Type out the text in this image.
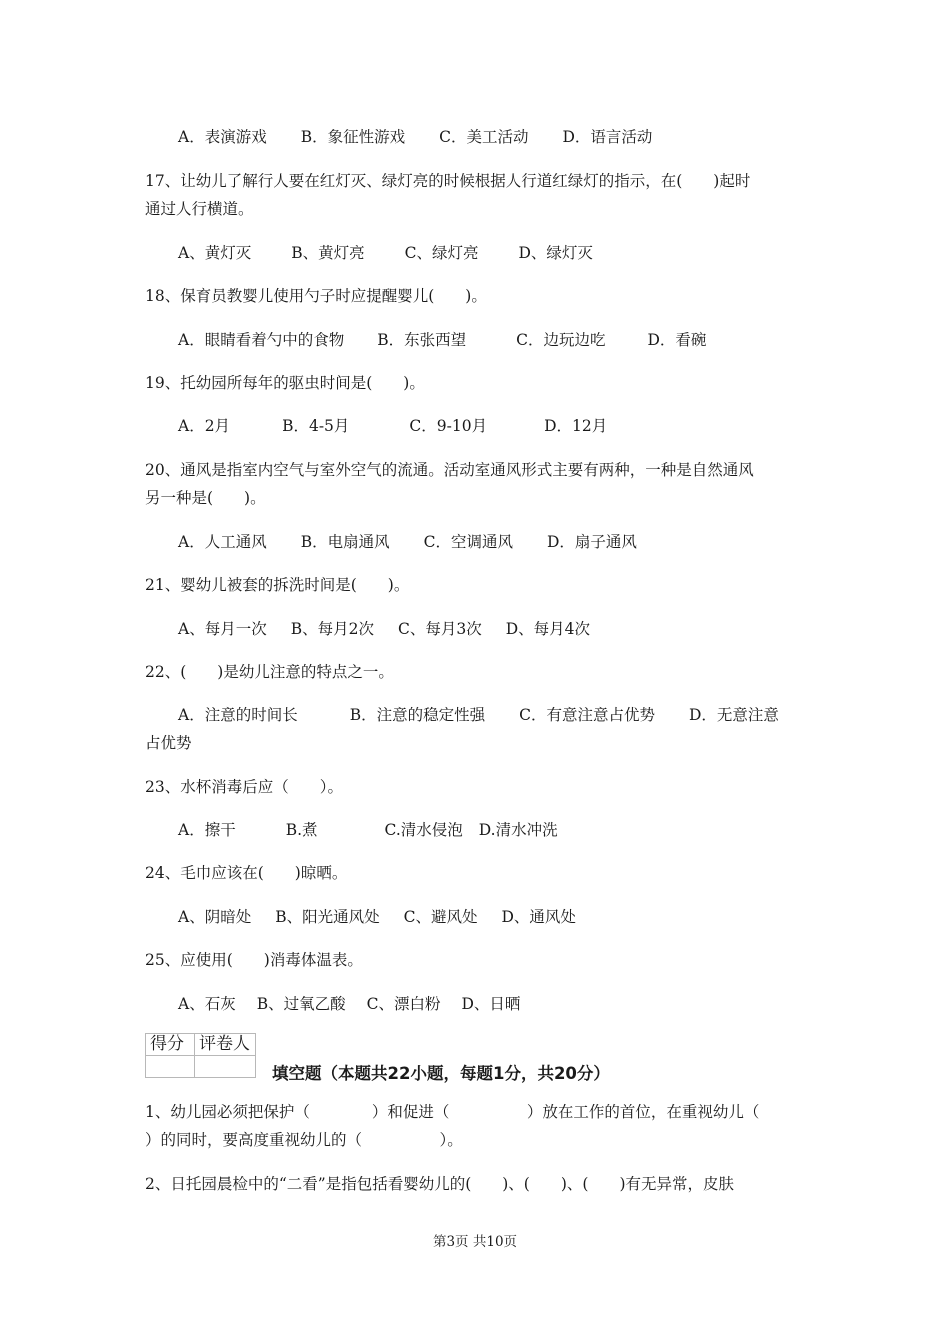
A．表演游戏 B．象征性游戏 C．美工活动 D．语言活动
17、让幼儿了解行人要在红灯灭、绿灯亮的时候根据人行道红绿灯的指示，在(　　)起时
通过人行横道。
A、黄灯灭	B、黄灯亮	C、绿灯亮	D、绿灯灭
18、保育员教婴儿使用勺子时应提醒婴儿(　　)。
A．眼睛看着勺中的食物 B．东张西望	C．边玩边吃	D．看碗
19、托幼园所每年的驱虫时间是(　　)。
A．2月	B．4-5月	C．9-10月	D．12月
20、通风是指室内空气与室外空气的流通。活动室通风形式主要有两种，一种是自然通风
另一种是(　　)。
A．人工通风 B．电扇通风 C．空调通风 D．扇子通风
21、婴幼儿被套的拆洗时间是(　　)。
A、每月一次 B、每月2次 C、每月3次 D、每月4次
22、(　　)是幼儿注意的特点之一。
A．注意的时间长	B．注意的稳定性强 C．有意注意占优势 D．无意注意
占优势
23、水杯消毒后应（　　）。
A．擦干	B.煮	C.清水侵泡 D.清水冲洗
24、毛巾应该在(　　)晾晒。
A、阴暗处 B、阳光通风处 C、避风处 D、通风处
25、应使用(　　)消毒体温表。
A、石灰 B、过氧乙酸 C、漂白粉 D、日晒
1、幼儿园必须把保护（　　　　）和促进（　　　　　）放在工作的首位，在重视幼儿（
）的同时，要高度重视幼儿的（　　　　　）。
2、日托园晨检中的“二看”是指包括看婴幼儿的(　　)、(　　)、(　　)有无异常，皮肤
得分	评卷人

填空题（本题共22小题，每题1分，共20分）
第3页 共10页
